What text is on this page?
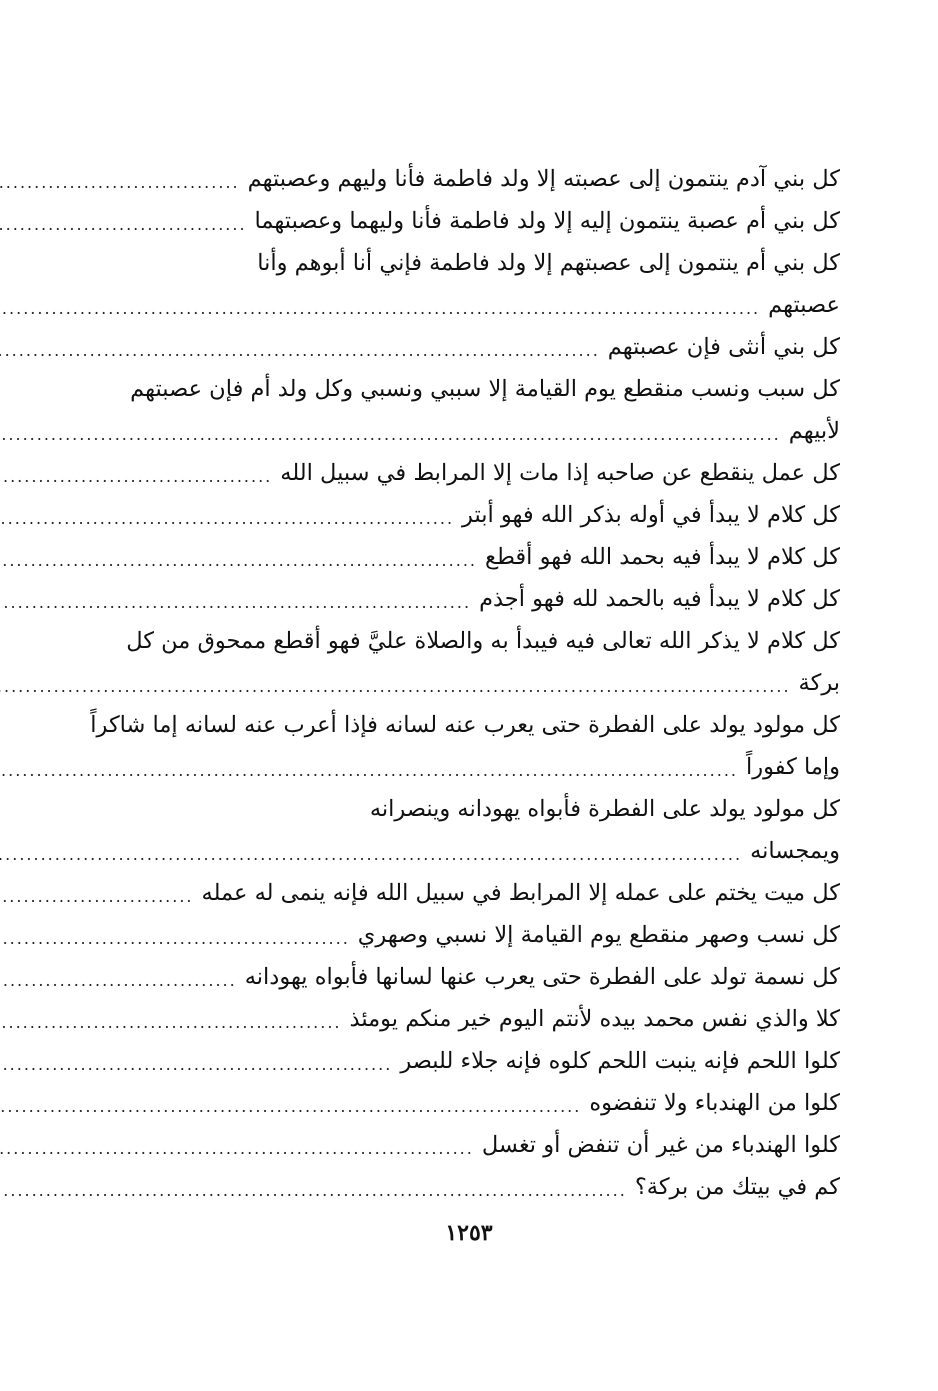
كل بني آدم ينتمون إلى عصبته إلا ولد فاطمة فأنا وليهم وعصبتهم
.....
كل بني أم عصبة ينتمون إليه إلا ولد فاطمة فأنا وليهما وعصبتهما
.....
كل بني أم ينتمون إلى عصبتهم إلا ولد فاطمة فإني أنا أبوهم وأنا
عصبتهم
.....
كل بني أنثى فإن عصبتهم
.....
كل سبب ونسب منقطع يوم القيامة إلا سببي ونسبي وكل ولد أم فإن عصبتهم
لأبيهم
.....
كل عمل ينقطع عن صاحبه إذا مات إلا المرابط في سبيل الله
.....
كل كلام لا يبدأ في أوله بذكر الله فهو أبتر
.....
كل كلام لا يبدأ فيه بحمد الله فهو أقطع
.....
كل كلام لا يبدأ فيه بالحمد لله فهو أجذم
.....
كل كلام لا يذكر الله تعالى فيه فيبدأ به والصلاة عليَّ فهو أقطع ممحوق من كل
بركة
.....
كل مولود يولد على الفطرة حتى يعرب عنه لسانه فإذا أعرب عنه لسانه إما شاكراً
وإما كفوراً
.....
كل مولود يولد على الفطرة فأبواه يهودانه وينصرانه
ويمجسانه
.....
كل ميت يختم على عمله إلا المرابط في سبيل الله فإنه ينمى له عمله
.....
كل نسب وصهر منقطع يوم القيامة إلا نسبي وصهري
.....
كل نسمة تولد على الفطرة حتى يعرب عنها لسانها فأبواه يهودانه
.....
كلا والذي نفس محمد بيده لأنتم اليوم خير منكم يومئذ
.....
كلوا اللحم فإنه ينبت اللحم كلوه فإنه جلاء للبصر
.....
كلوا من الهندباء ولا تنفضوه
.....
كلوا الهندباء من غير أن تنفض أو تغسل
.....
كم في بيتك من بركة؟
.....
١٢٥٣
